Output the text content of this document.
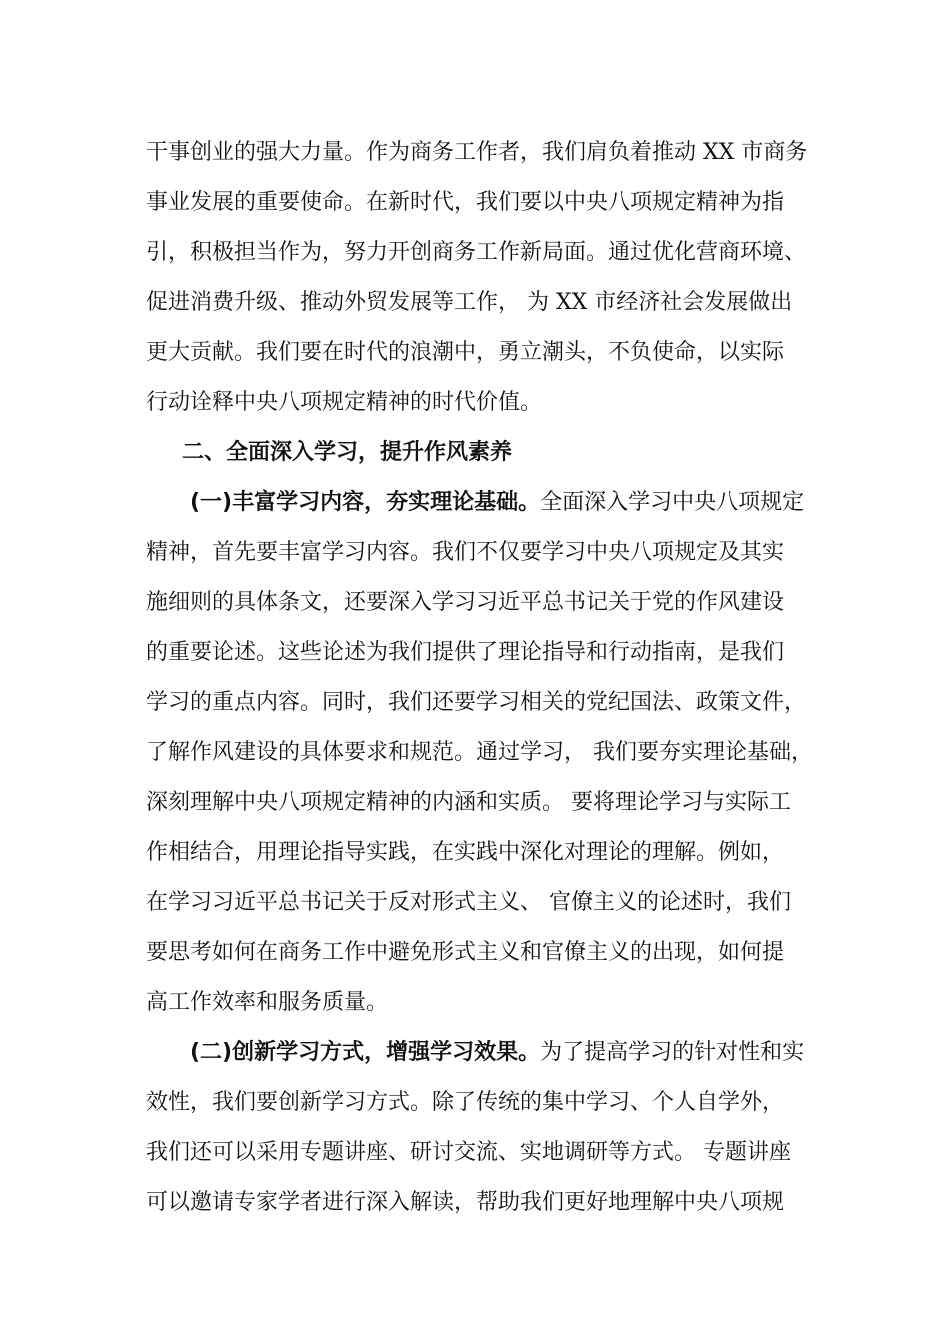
干事创业的强大力量。作为商务工作者，我们肩负着推动 XX 市商务
事业发展的重要使命。在新时代，我们要以中央八项规定精神为指
引，积极担当作为，努力开创商务工作新局面。通过优化营商环境、
促进消费升级、推动外贸发展等工作， 为 XX 市经济社会发展做出
更大贡献。我们要在时代的浪潮中，勇立潮头，不负使命，以实际
行动诠释中央八项规定精神的时代价值。
二、全面深入学习，提升作风素养
(一)丰富学习内容，夯实理论基础。全面深入学习中央八项规定
精神，首先要丰富学习内容。我们不仅要学习中央八项规定及其实
施细则的具体条文，还要深入学习习近平总书记关于党的作风建设
的重要论述。这些论述为我们提供了理论指导和行动指南，是我们
学习的重点内容。同时，我们还要学习相关的党纪国法、政策文件，
了解作风建设的具体要求和规范。通过学习， 我们要夯实理论基础，
深刻理解中央八项规定精神的内涵和实质。 要将理论学习与实际工
作相结合，用理论指导实践，在实践中深化对理论的理解。例如，
在学习习近平总书记关于反对形式主义、 官僚主义的论述时，我们
要思考如何在商务工作中避免形式主义和官僚主义的出现，如何提
高工作效率和服务质量。
(二)创新学习方式，增强学习效果。为了提高学习的针对性和实
效性，我们要创新学习方式。除了传统的集中学习、个人自学外，
我们还可以采用专题讲座、研讨交流、实地调研等方式。 专题讲座
可以邀请专家学者进行深入解读，帮助我们更好地理解中央八项规
